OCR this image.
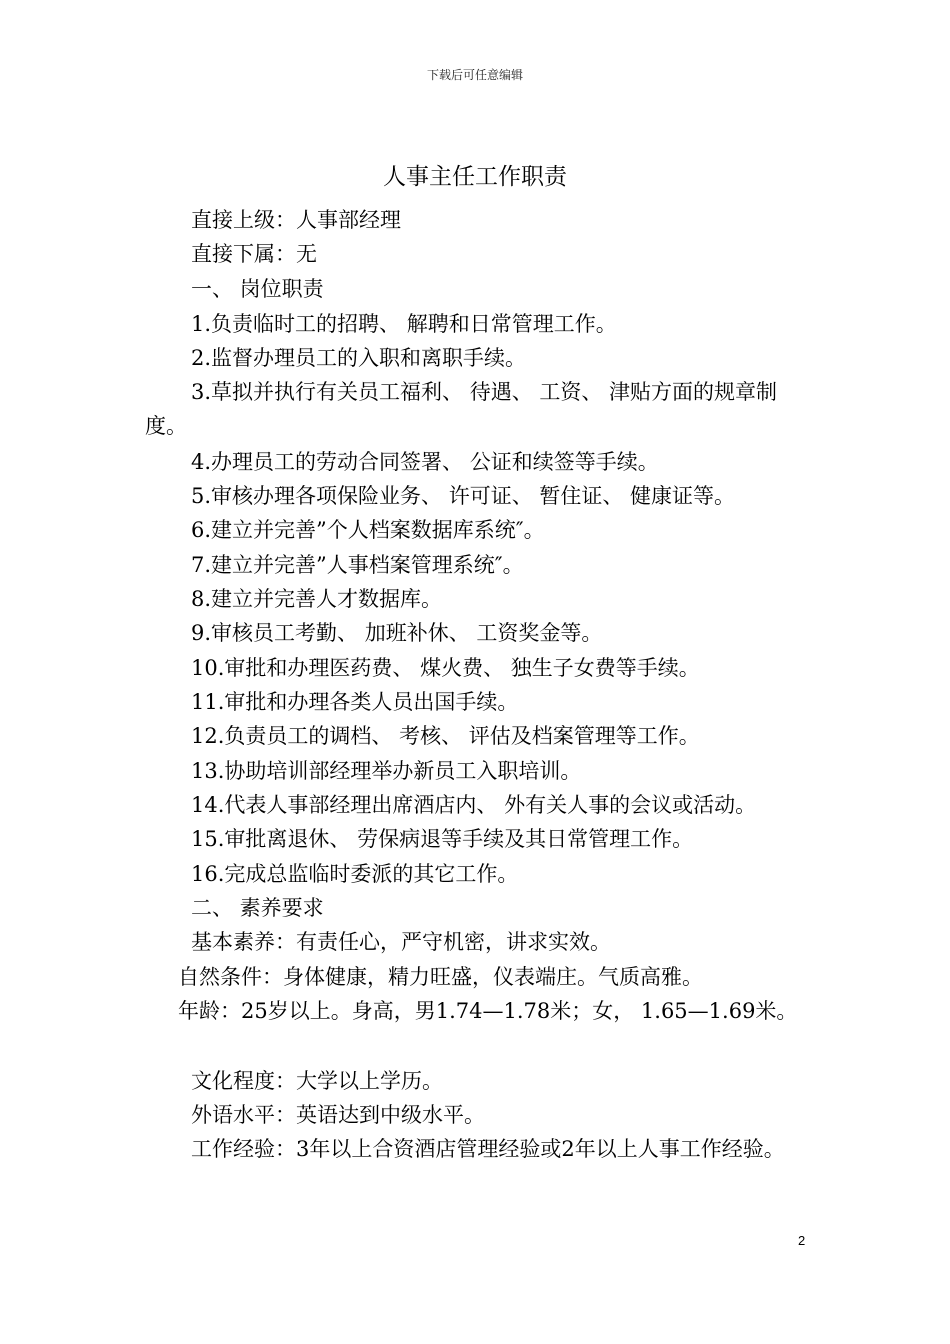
下载后可任意编辑
人事主任工作职责
直接上级：人事部经理
直接下属：无
一、 岗位职责
1.负责临时工的招聘、 解聘和日常管理工作。
2.监督办理员工的入职和离职手续。
3.草拟并执行有关员工福利、 待遇、 工资、 津贴方面的规章制度。
4.办理员工的劳动合同签署、 公证和续签等手续。
5.审核办理各项保险业务、 许可证、 暂住证、 健康证等。
6.建立并完善”个人档案数据库系统″。
7.建立并完善”人事档案管理系统″。
8.建立并完善人才数据库。
9.审核员工考勤、 加班补休、 工资奖金等。
10.审批和办理医药费、 煤火费、 独生子女费等手续。
11.审批和办理各类人员出国手续。
12.负责员工的调档、 考核、 评估及档案管理等工作。
13.协助培训部经理举办新员工入职培训。
14.代表人事部经理出席酒店内、 外有关人事的会议或活动。
15.审批离退休、 劳保病退等手续及其日常管理工作。
16.完成总监临时委派的其它工作。
二、 素养要求
基本素养：有责任心，严守机密，讲求实效。
自然条件：身体健康，精力旺盛，仪表端庄。气质高雅。
年龄：25岁以上。身高，男1.74—1.78米；女， 1.65—1.69米。
文化程度：大学以上学历。
外语水平：英语达到中级水平。
工作经验：3年以上合资酒店管理经验或2年以上人事工作经验。
2
